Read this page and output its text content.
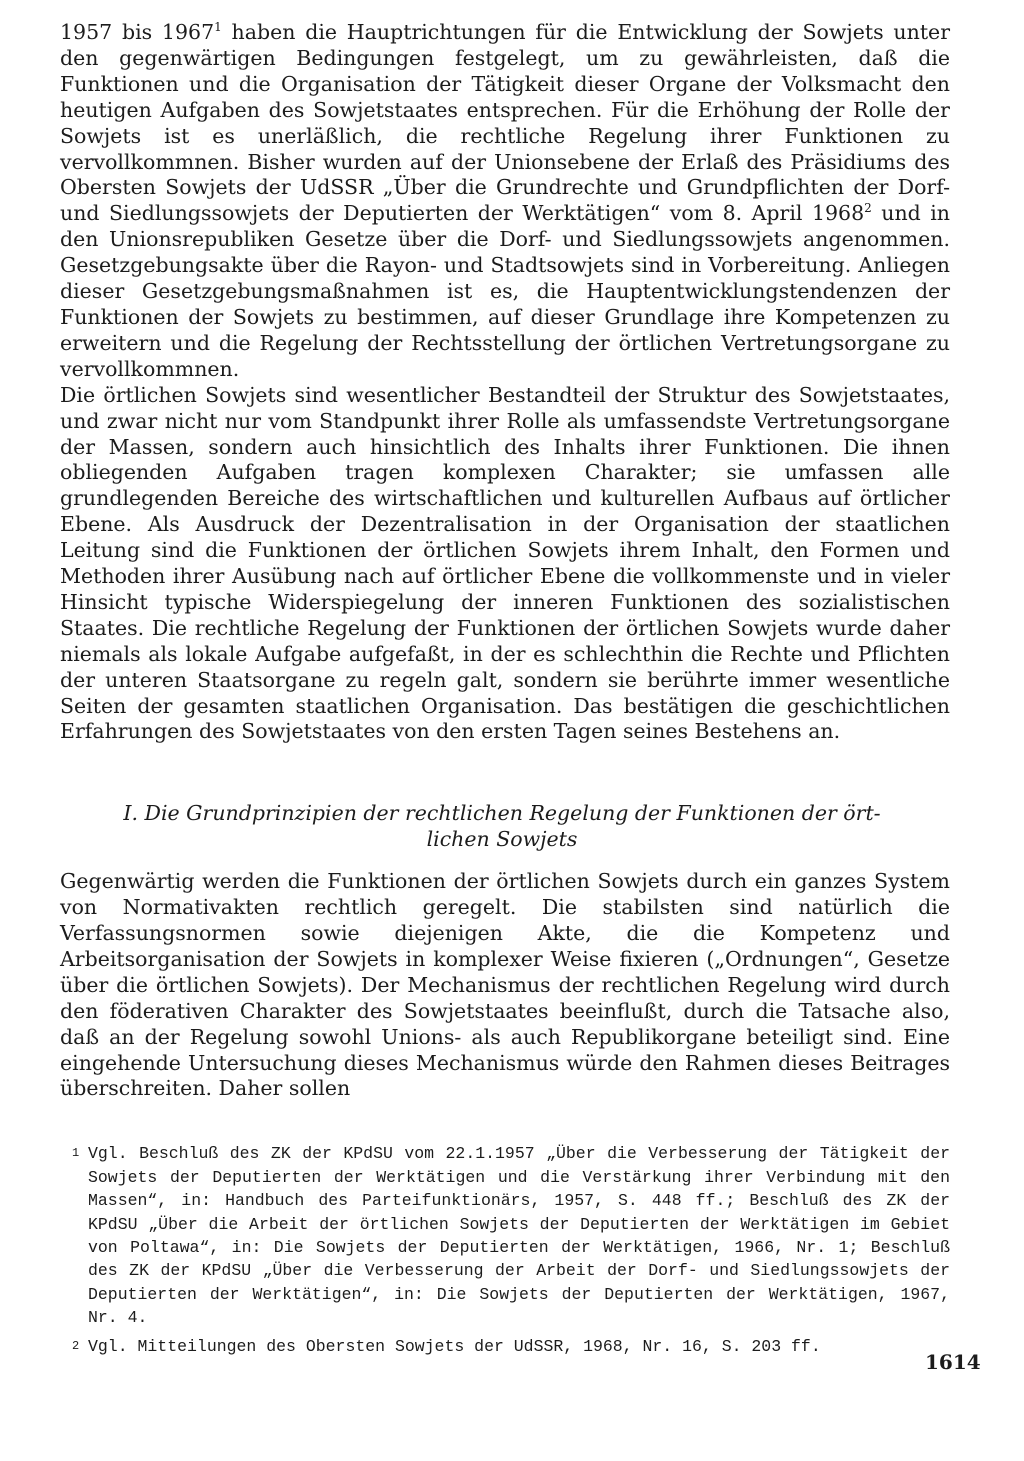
1957 bis 1967$^1$ haben die Hauptrichtungen für die Entwicklung der Sowjets unter den gegenwärtigen Bedingungen festgelegt, um zu gewährleisten, daß die Funktionen und die Organisation der Tätigkeit dieser Organe der Volksmacht den heutigen Aufgaben des Sowjetstaates entsprechen. Für die Erhöhung der Rolle der Sowjets ist es unerläßlich, die rechtliche Regelung ihrer Funktionen zu vervollkommnen. Bisher wurden auf der Unionsebene der Erlaß des Präsidiums des Obersten Sowjets der UdSSR „Über die Grundrechte und Grundpflichten der Dorf- und Siedlungssowjets der Deputierten der Werktätigen“ vom 8. April 1968$^2$ und in den Unionsrepubliken Gesetze über die Dorf- und Siedlungssowjets angenommen. Gesetzgebungsakte über die Rayon- und Stadtsowjets sind in Vorbereitung. Anliegen dieser Gesetzgebungsmaßnahmen ist es, die Hauptentwicklungstendenzen der Funktionen der Sowjets zu bestimmen, auf dieser Grundlage ihre Kompetenzen zu erweitern und die Regelung der Rechtsstellung der örtlichen Vertretungsorgane zu vervollkommnen.

Die örtlichen Sowjets sind wesentlicher Bestandteil der Struktur des Sowjetstaates, und zwar nicht nur vom Standpunkt ihrer Rolle als umfassendste Vertretungsorgane der Massen, sondern auch hinsichtlich des Inhalts ihrer Funktionen. Die ihnen obliegenden Aufgaben tragen komplexen Charakter; sie umfassen alle grundlegenden Bereiche des wirtschaftlichen und kulturellen Aufbaus auf örtlicher Ebene. Als Ausdruck der Dezentralisation in der Organisation der staatlichen Leitung sind die Funktionen der örtlichen Sowjets ihrem Inhalt, den Formen und Methoden ihrer Ausübung nach auf örtlicher Ebene die vollkommenste und in vieler Hinsicht typische Widerspiegelung der inneren Funktionen des sozialistischen Staates. Die rechtliche Regelung der Funktionen der örtlichen Sowjets wurde daher niemals als lokale Aufgabe aufgefaßt, in der es schlechthin die Rechte und Pflichten der unteren Staatsorgane zu regeln galt, sondern sie berührte immer wesentliche Seiten der gesamten staatlichen Organisation. Das bestätigen die geschichtlichen Erfahrungen des Sowjetstaates von den ersten Tagen seines Bestehens an.

I. Die Grundprinzipien der rechtlichen Regelung der Funktionen der ört-
lichen Sowjets

Gegenwärtig werden die Funktionen der örtlichen Sowjets durch ein ganzes System von Normativakten rechtlich geregelt. Die stabilsten sind natürlich die Verfassungsnormen sowie diejenigen Akte, die die Kompetenz und Arbeitsorganisation der Sowjets in komplexer Weise fixieren („Ordnungen“, Gesetze über die örtlichen Sowjets). Der Mechanismus der rechtlichen Regelung wird durch den föderativen Charakter des Sowjetstaates beeinflußt, durch die Tatsache also, daß an der Regelung sowohl Unions- als auch Republikorgane beteiligt sind. Eine eingehende Untersuchung dieses Mechanismus würde den Rahmen dieses Beitrages überschreiten. Daher sollen

1 Vgl. Beschluß des ZK der KPdSU vom 22.1.1957 „Über die Verbesserung der Tätigkeit der Sowjets der Deputierten der Werktätigen und die Verstärkung ihrer Verbindung mit den Massen“, in: Handbuch des Parteifunktionärs, 1957, S. 448 ff.; Beschluß des ZK der KPdSU „Über die Arbeit der örtlichen Sowjets der Deputierten der Werktätigen im Gebiet von Poltawa“, in: Die Sowjets der Deputierten der Werktätigen, 1966, Nr. 1; Beschluß des ZK der KPdSU „Über die Verbesserung der Arbeit der Dorf- und Siedlungssowjets der Deputierten der Werktätigen“, in: Die Sowjets der Deputierten der Werktätigen, 1967, Nr. 4.
2 Vgl. Mitteilungen des Obersten Sowjets der UdSSR, 1968, Nr. 16, S. 203 ff.
1614
